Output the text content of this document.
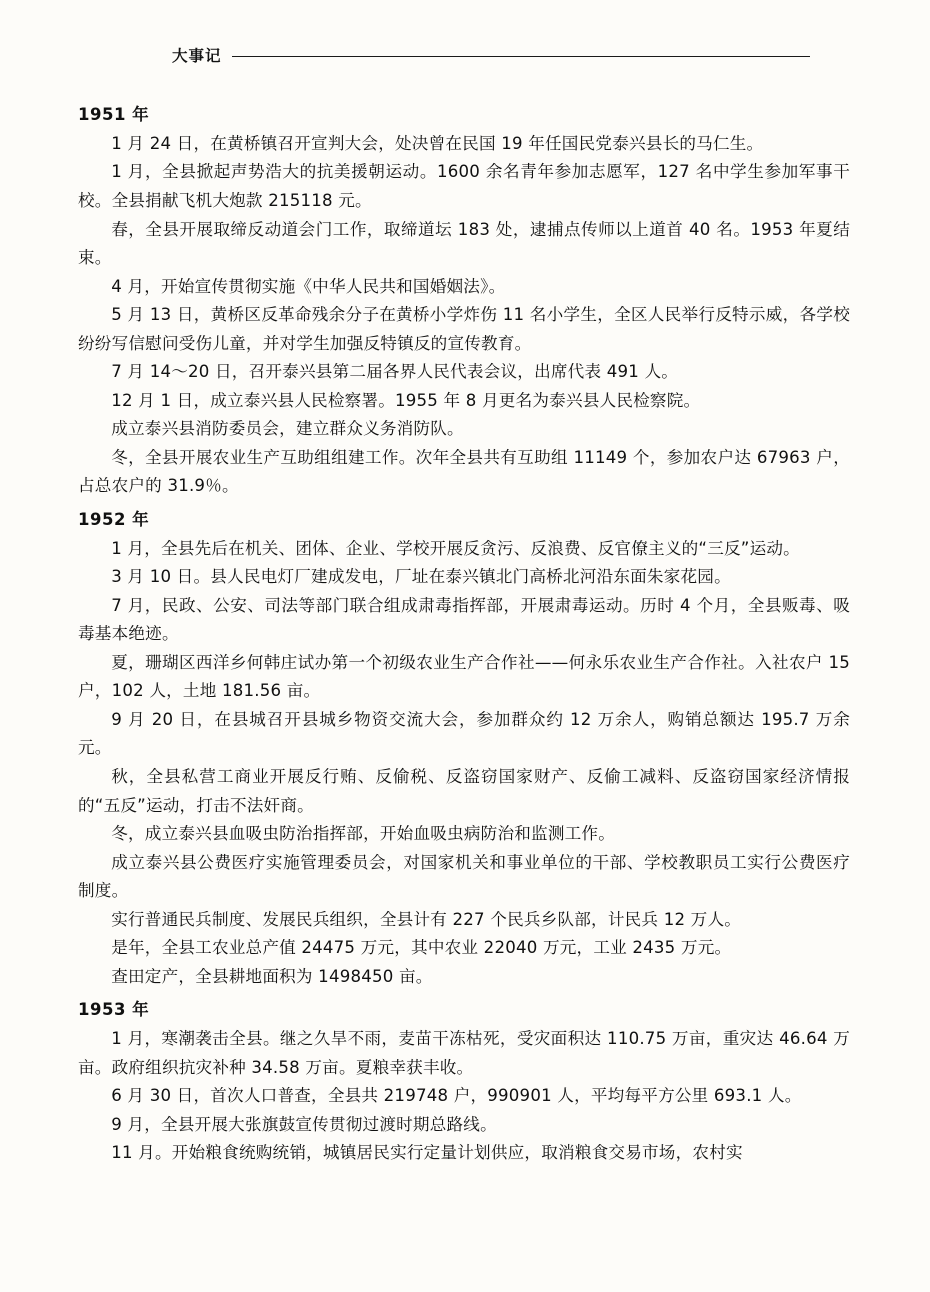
大事记
1951 年

1 月 24 日，在黄桥镇召开宣判大会，处决曾在民国 19 年任国民党泰兴县长的马仁生。

1 月，全县掀起声势浩大的抗美援朝运动。1600 余名青年参加志愿军，127 名中学生参加军事干校。全县捐献飞机大炮款 215118 元。

春，全县开展取缔反动道会门工作，取缔道坛 183 处，逮捕点传师以上道首 40 名。1953 年夏结束。

4 月，开始宣传贯彻实施《中华人民共和国婚姻法》。

5 月 13 日，黄桥区反革命残余分子在黄桥小学炸伤 11 名小学生，全区人民举行反特示威，各学校纷纷写信慰问受伤儿童，并对学生加强反特镇反的宣传教育。

7 月 14～20 日，召开泰兴县第二届各界人民代表会议，出席代表 491 人。

12 月 1 日，成立泰兴县人民检察署。1955 年 8 月更名为泰兴县人民检察院。

成立泰兴县消防委员会，建立群众义务消防队。

冬，全县开展农业生产互助组组建工作。次年全县共有互助组 11149 个，参加农户达 67963 户，占总农户的 31.9％。

1952 年

1 月，全县先后在机关、团体、企业、学校开展反贪污、反浪费、反官僚主义的“三反”运动。

3 月 10 日。县人民电灯厂建成发电，厂址在泰兴镇北门高桥北河沿东面朱家花园。

7 月，民政、公安、司法等部门联合组成肃毒指挥部，开展肃毒运动。历时 4 个月，全县贩毒、吸毒基本绝迹。

夏，珊瑚区西洋乡何韩庄试办第一个初级农业生产合作社——何永乐农业生产合作社。入社农户 15 户，102 人，土地 181.56 亩。

9 月 20 日，在县城召开县城乡物资交流大会，参加群众约 12 万余人，购销总额达 195.7 万余元。

秋，全县私营工商业开展反行贿、反偷税、反盗窃国家财产、反偷工减料、反盗窃国家经济情报的“五反”运动，打击不法奸商。

冬，成立泰兴县血吸虫防治指挥部，开始血吸虫病防治和监测工作。

成立泰兴县公费医疗实施管理委员会，对国家机关和事业单位的干部、学校教职员工实行公费医疗制度。

实行普通民兵制度、发展民兵组织，全县计有 227 个民兵乡队部，计民兵 12 万人。

是年，全县工农业总产值 24475 万元，其中农业 22040 万元，工业 2435 万元。

查田定产，全县耕地面积为 1498450 亩。

1953 年

1 月，寒潮袭击全县。继之久旱不雨，麦苗干冻枯死，受灾面积达 110.75 万亩，重灾达 46.64 万亩。政府组织抗灾补种 34.58 万亩。夏粮幸获丰收。

6 月 30 日，首次人口普查，全县共 219748 户，990901 人，平均每平方公里 693.1 人。

9 月，全县开展大张旗鼓宣传贯彻过渡时期总路线。

11 月。开始粮食统购统销，城镇居民实行定量计划供应，取消粮食交易市场，农村实
